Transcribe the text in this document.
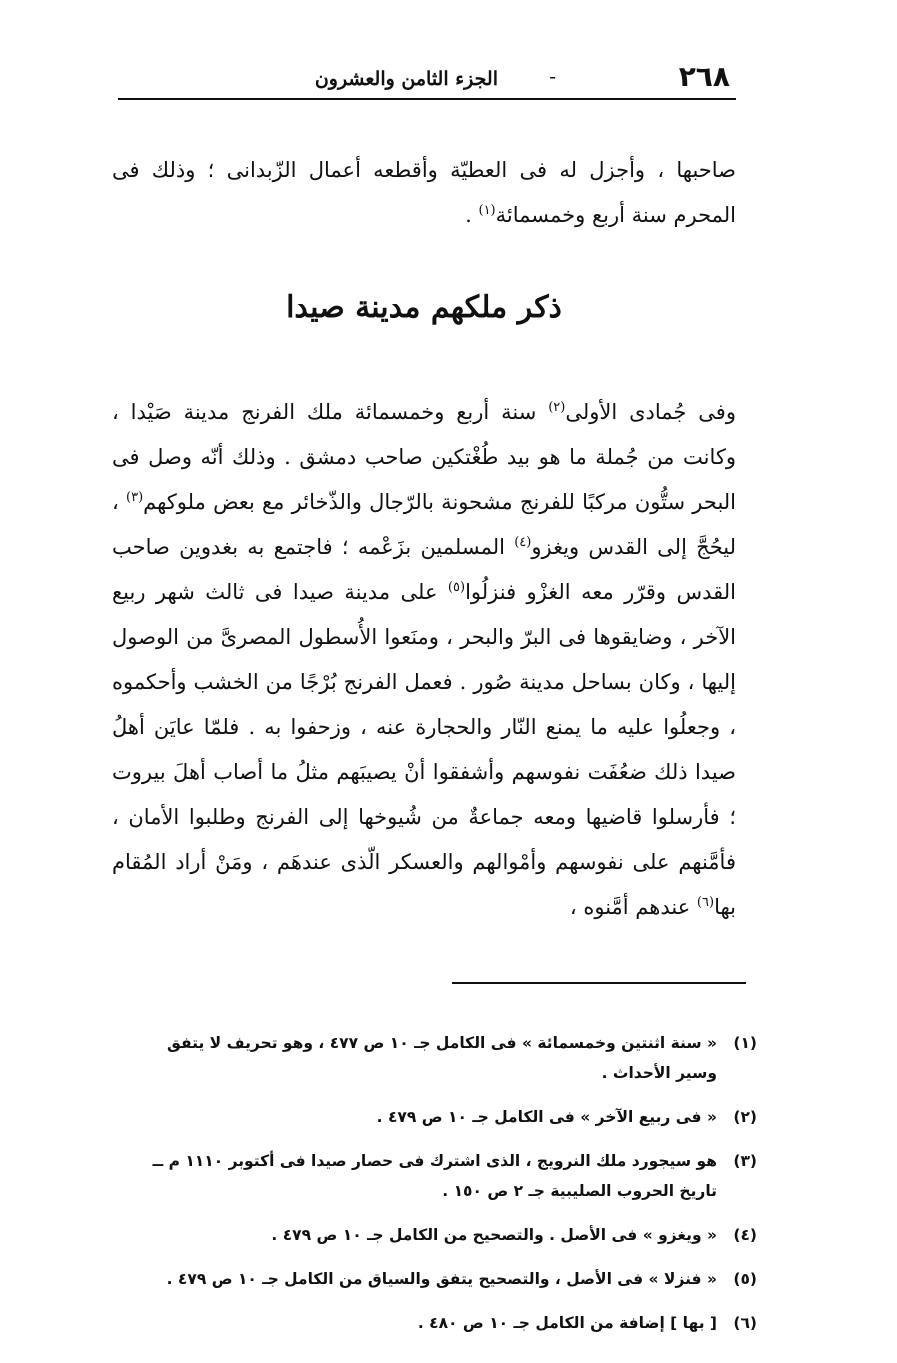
٢٦٨
-
الجزء الثامن والعشرون

صاحبها ، وأجزل له فى العطيّة وأقطعه أعمال الزّبدانى ؛ وذلك فى المحرم سنة أربع وخمسمائة$^{(١)}$ .

ذكر ملكهم مدينة صيدا

وفى جُمادى الأولى$^{(٢)}$ سنة أربع وخمسمائة ملك الفرنج مدينة صَيْدا ، وكانت من جُملة ما هو بيد طُغْتكين صاحب دمشق . وذلك أنّه وصل فى البحر ستُّون مركبًا للفرنج مشحونة بالرّجال والذّخائر مع بعض ملوكهم$^{(٣)}$ ، ليحُجَّ إلى القدس ويغزو$^{(٤)}$ المسلمين بزَعْمه ؛ فاجتمع به بغدوين صاحب القدس وقرّر معه الغزْو فنزلُوا$^{(٥)}$ على مدينة صيدا فى ثالث شهر ربيع الآخر ، وضايقوها فى البرّ والبحر ، ومنَعوا الأُسطول المصرىَّ من الوصول إليها ، وكان بساحل مدينة صُور . فعمل الفرنج بُرْجًا من الخشب وأحكموه ، وجعلُوا عليه ما يمنع النّار والحجارة عنه ، وزحفوا به . فلمّا عايَن أهلُ صيدا ذلك ضعُفَت نفوسهم وأشفقوا أنْ يصيبَهم مثلُ ما أصاب أهلَ بيروت ؛ فأرسلوا قاضيها ومعه جماعةٌ من شُيوخها إلى الفرنج وطلبوا الأمان ، فأمَّنهم على نفوسهم وأمْوالهم والعسكر الّذى عندهَم ، ومَنْ أراد المُقام بها$^{(٦)}$ عندهم أمَّنوه ،

(١)
« سنة اثنتين وخمسمائة » فى الكامل جـ ١٠ ص ٤٧٧ ، وهو تحريف لا يتفق وسير الأحداث .
(٢)
« فى ربيع الآخر » فى الكامل جـ ١٠ ص ٤٧٩ .
(٣)
هو سيجورد ملك النرويج ، الذى اشترك فى حصار صيدا فى أكتوبر ١١١٠ م ــ تاريخ الحروب الصليبية جـ ٢ ص ١٥٠ .
(٤)
« ويغزو » فى الأصل . والتصحيح من الكامل جـ ١٠ ص ٤٧٩ .
(٥)
« فنزلا » فى الأصل ، والتصحيح يتفق والسياق من الكامل جـ ١٠ ص ٤٧٩ .
(٦)
[ بها ] إضافة من الكامل جـ ١٠ ص ٤٨٠ .
